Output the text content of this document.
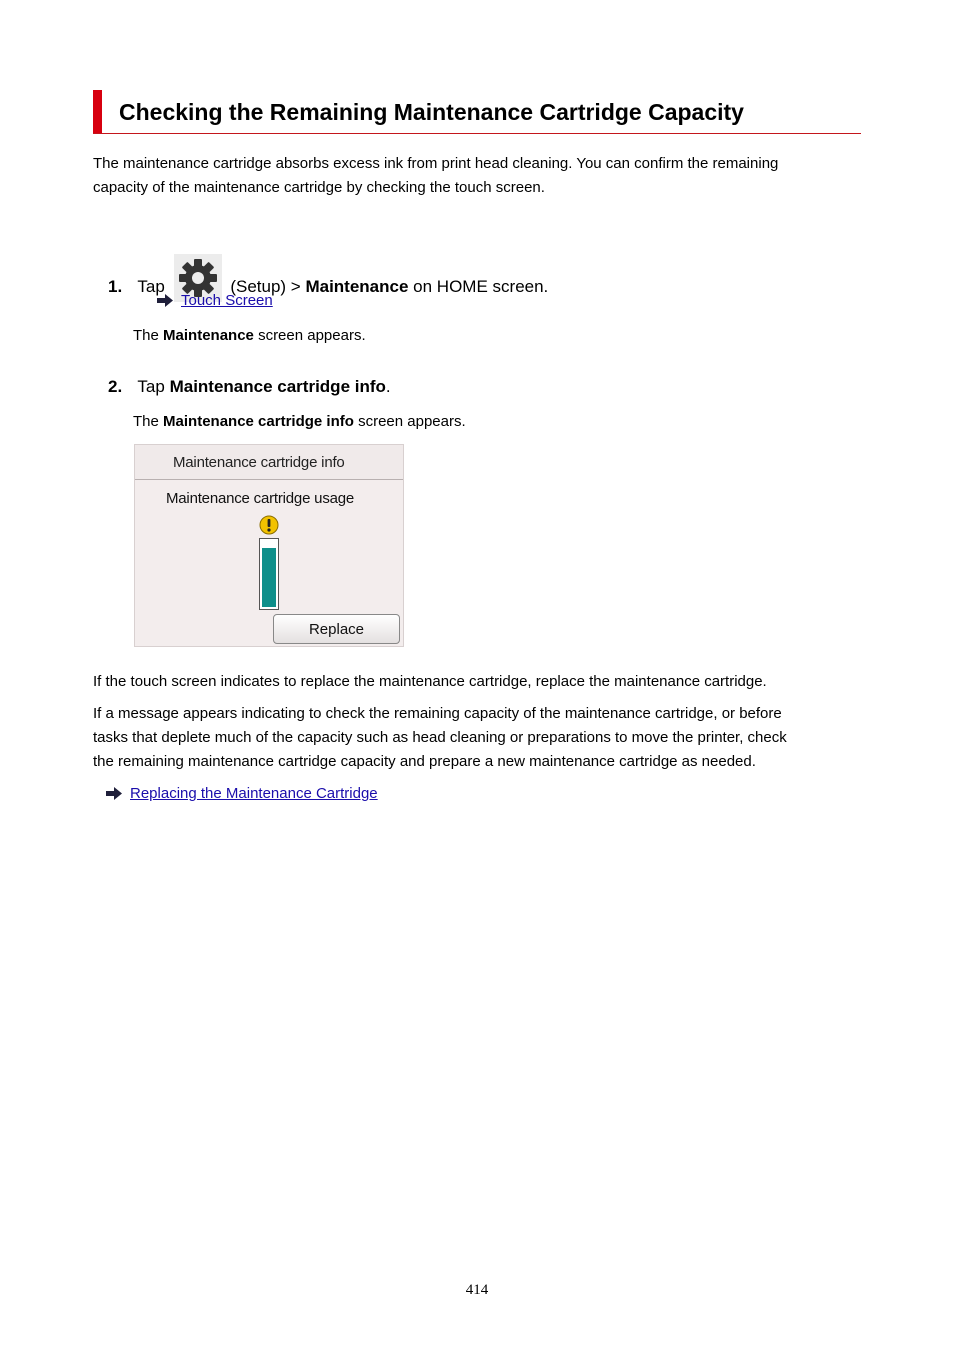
Checking the Remaining Maintenance Cartridge Capacity

The maintenance cartridge absorbs excess ink from print head cleaning. You can confirm the remaining
capacity of the maintenance cartridge by checking the touch screen.

1. Tap	(Setup) > Maintenance on HOME screen.
Touch Screen
The Maintenance screen appears.
2. Tap Maintenance cartridge info.
The Maintenance cartridge info screen appears.
Maintenance cartridge info
Maintenance cartridge usage
Replace

If the touch screen indicates to replace the maintenance cartridge, replace the maintenance cartridge.

If a message appears indicating to check the remaining capacity of the maintenance cartridge, or before
tasks that deplete much of the capacity such as head cleaning or preparations to move the printer, check
the remaining maintenance cartridge capacity and prepare a new maintenance cartridge as needed.

Replacing the Maintenance Cartridge
414
